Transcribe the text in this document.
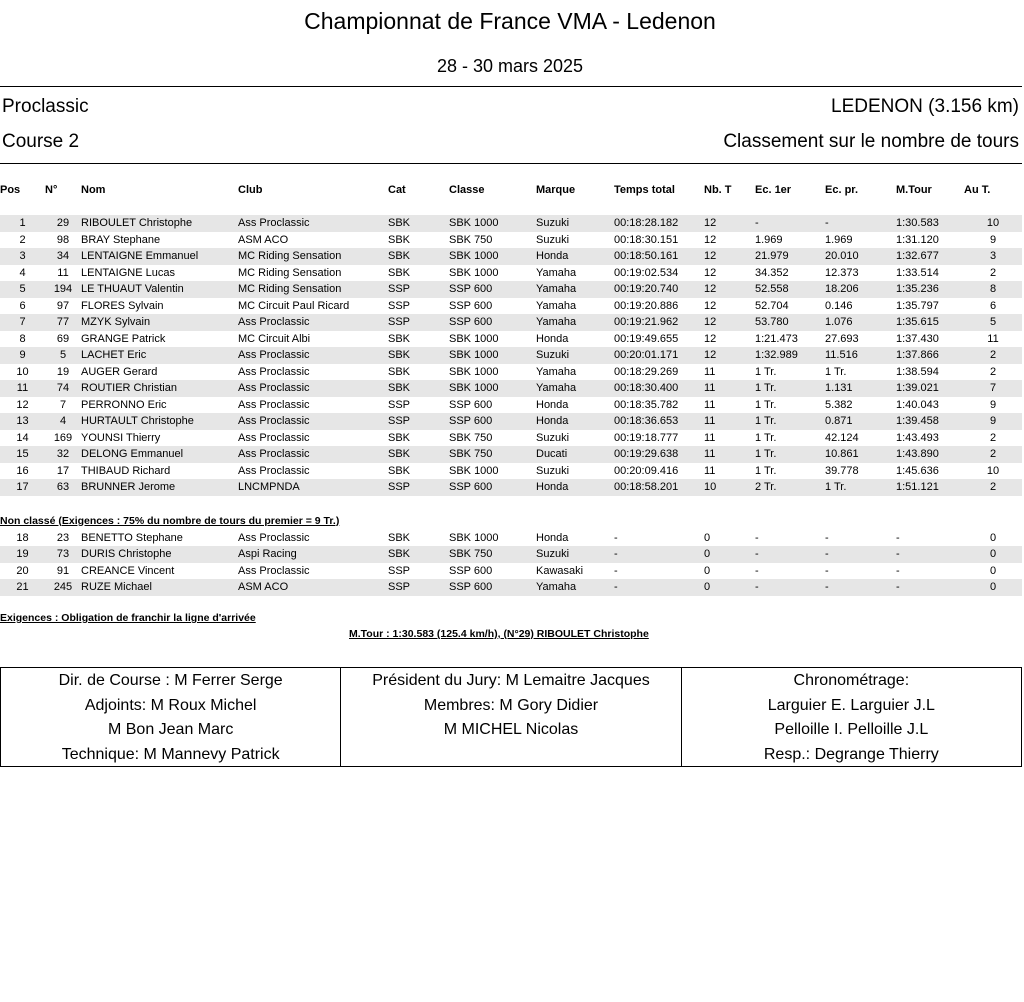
Championnat de France VMA - Ledenon
28 - 30 mars 2025
Proclassic	LEDENON (3.156 km)
Course 2	Classement sur le nombre de tours
Pos	N°	Nom	Club	Cat	Classe	Marque	Temps total	Nb. T	Ec. 1er	Ec. pr.	M.Tour	Au T.

1	29	RIBOULET Christophe	Ass Proclassic	SBK	SBK 1000	Suzuki	00:18:28.182	12	-	-	1:30.583	10
2	98	BRAY Stephane	ASM ACO	SBK	SBK 750	Suzuki	00:18:30.151	12	1.969	1.969	1:31.120	9
3	34	LENTAIGNE Emmanuel	MC Riding Sensation	SBK	SBK 1000	Honda	00:18:50.161	12	21.979	20.010	1:32.677	3
4	11	LENTAIGNE Lucas	MC Riding Sensation	SBK	SBK 1000	Yamaha	00:19:02.534	12	34.352	12.373	1:33.514	2
5	194	LE THUAUT Valentin	MC Riding Sensation	SSP	SSP 600	Yamaha	00:19:20.740	12	52.558	18.206	1:35.236	8
6	97	FLORES Sylvain	MC Circuit Paul Ricard	SSP	SSP 600	Yamaha	00:19:20.886	12	52.704	0.146	1:35.797	6
7	77	MZYK Sylvain	Ass Proclassic	SSP	SSP 600	Yamaha	00:19:21.962	12	53.780	1.076	1:35.615	5
8	69	GRANGE Patrick	MC Circuit Albi	SBK	SBK 1000	Honda	00:19:49.655	12	1:21.473	27.693	1:37.430	11
9	5	LACHET Eric	Ass Proclassic	SBK	SBK 1000	Suzuki	00:20:01.171	12	1:32.989	11.516	1:37.866	2
10	19	AUGER Gerard	Ass Proclassic	SBK	SBK 1000	Yamaha	00:18:29.269	11	1 Tr.	1 Tr.	1:38.594	2
11	74	ROUTIER Christian	Ass Proclassic	SBK	SBK 1000	Yamaha	00:18:30.400	11	1 Tr.	1.131	1:39.021	7
12	7	PERRONNO Eric	Ass Proclassic	SSP	SSP 600	Honda	00:18:35.782	11	1 Tr.	5.382	1:40.043	9
13	4	HURTAULT Christophe	Ass Proclassic	SSP	SSP 600	Honda	00:18:36.653	11	1 Tr.	0.871	1:39.458	9
14	169	YOUNSI Thierry	Ass Proclassic	SBK	SBK 750	Suzuki	00:19:18.777	11	1 Tr.	42.124	1:43.493	2
15	32	DELONG Emmanuel	Ass Proclassic	SBK	SBK 750	Ducati	00:19:29.638	11	1 Tr.	10.861	1:43.890	2
16	17	THIBAUD Richard	Ass Proclassic	SBK	SBK 1000	Suzuki	00:20:09.416	11	1 Tr.	39.778	1:45.636	10
17	63	BRUNNER Jerome	LNCMPNDA	SSP	SSP 600	Honda	00:18:58.201	10	2 Tr.	1 Tr.	1:51.121	2

Non classé (Exigences : 75% du nombre de tours du premier = 9 Tr.)												
18	23	BENETTO Stephane	Ass Proclassic	SBK	SBK 1000	Honda	-	0	-	-	-	0
19	73	DURIS Christophe	Aspi Racing	SBK	SBK 750	Suzuki	-	0	-	-	-	0
20	91	CREANCE Vincent	Ass Proclassic	SSP	SSP 600	Kawasaki	-	0	-	-	-	0
21	245	RUZE Michael	ASM ACO	SSP	SSP 600	Yamaha	-	0	-	-	-	0
Exigences : Obligation de franchir la ligne d'arrivée
M.Tour : 1:30.583 (125.4 km/h), (N°29) RIBOULET Christophe
Dir. de Course : M Ferrer Serge
Adjoints: M Roux Michel
M Bon Jean Marc
Technique: M Mannevy Patrick

Président du Jury: M Lemaitre Jacques
Membres: M Gory Didier
M MICHEL Nicolas

Chronométrage:
Larguier E. Larguier J.L
Pelloille I. Pelloille J.L
Resp.: Degrange Thierry
